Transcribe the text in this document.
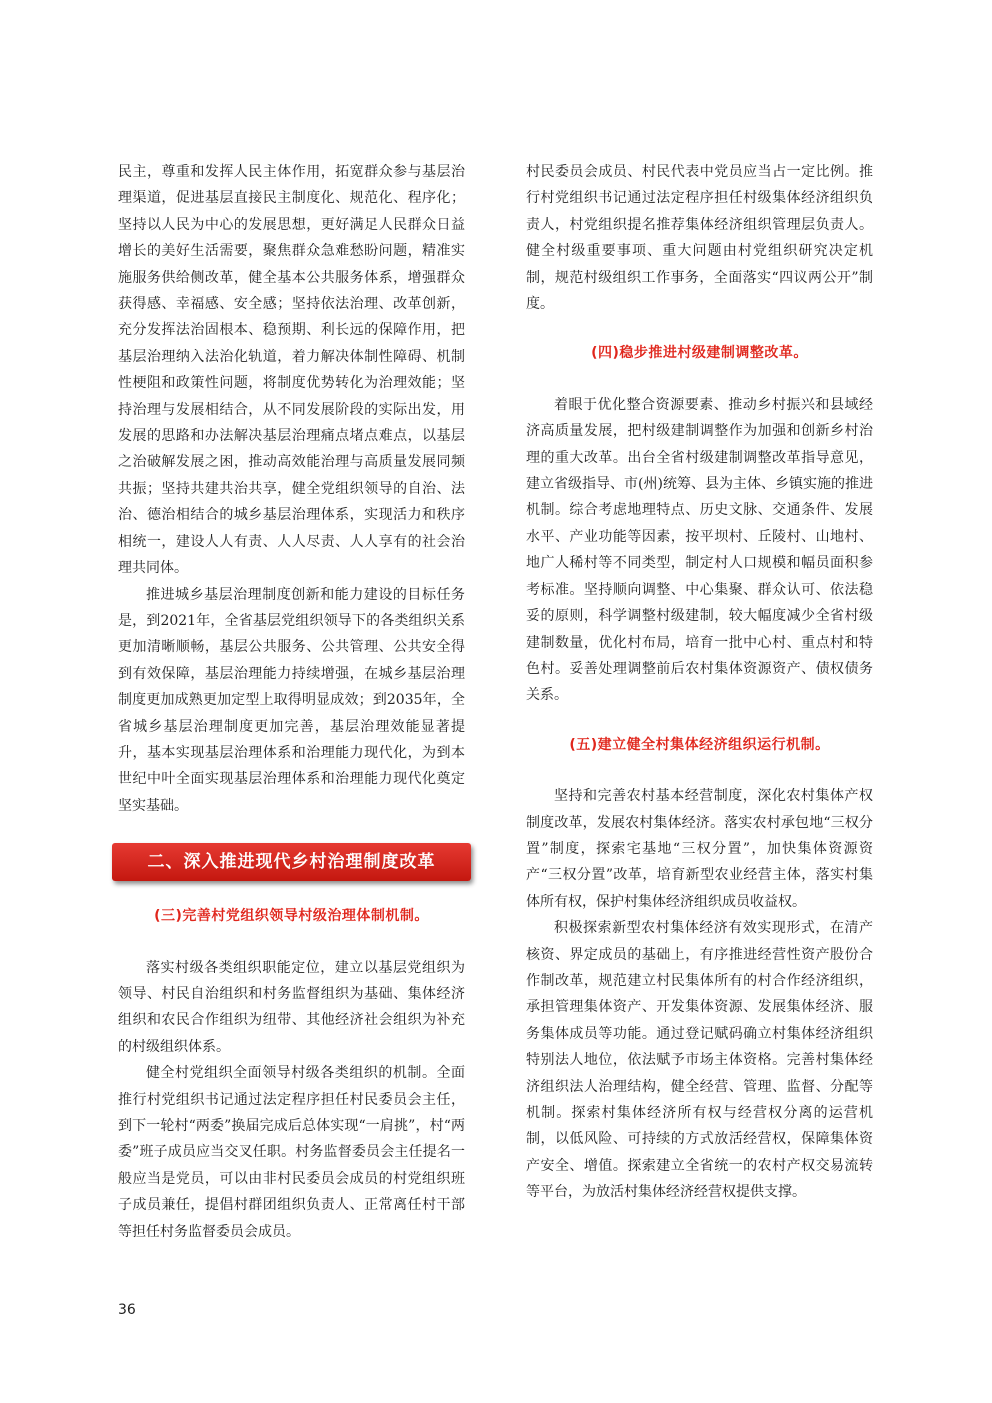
民主，尊重和发挥人民主体作用，拓宽群众参与基层治理渠道，促进基层直接民主制度化、规范化、程序化；坚持以人民为中心的发展思想，更好满足人民群众日益增长的美好生活需要，聚焦群众急难愁盼问题，精准实施服务供给侧改革，健全基本公共服务体系，增强群众获得感、幸福感、安全感；坚持依法治理、改革创新，充分发挥法治固根本、稳预期、利长远的保障作用，把基层治理纳入法治化轨道，着力解决体制性障碍、机制性梗阻和政策性问题，将制度优势转化为治理效能；坚持治理与发展相结合，从不同发展阶段的实际出发，用发展的思路和办法解决基层治理痛点堵点难点，以基层之治破解发展之困，推动高效能治理与高质量发展同频共振；坚持共建共治共享，健全党组织领导的自治、法治、德治相结合的城乡基层治理体系，实现活力和秩序相统一，建设人人有责、人人尽责、人人享有的社会治理共同体。

推进城乡基层治理制度创新和能力建设的目标任务是，到2021年，全省基层党组织领导下的各类组织关系更加清晰顺畅，基层公共服务、公共管理、公共安全得到有效保障，基层治理能力持续增强，在城乡基层治理制度更加成熟更加定型上取得明显成效；到2035年，全省城乡基层治理制度更加完善，基层治理效能显著提升，基本实现基层治理体系和治理能力现代化，为到本世纪中叶全面实现基层治理体系和治理能力现代化奠定坚实基础。

二、深入推进现代乡村治理制度改革

(三)完善村党组织领导村级治理体制机制。

落实村级各类组织职能定位，建立以基层党组织为领导、村民自治组织和村务监督组织为基础、集体经济组织和农民合作组织为纽带、其他经济社会组织为补充的村级组织体系。

健全村党组织全面领导村级各类组织的机制。全面推行村党组织书记通过法定程序担任村民委员会主任，到下一轮村“两委”换届完成后总体实现“一肩挑”，村“两委”班子成员应当交叉任职。村务监督委员会主任提名一般应当是党员，可以由非村民委员会成员的村党组织班子成员兼任，提倡村群团组织负责人、正常离任村干部等担任村务监督委员会成员。

村民委员会成员、村民代表中党员应当占一定比例。推行村党组织书记通过法定程序担任村级集体经济组织负责人，村党组织提名推荐集体经济组织管理层负责人。健全村级重要事项、重大问题由村党组织研究决定机制，规范村级组织工作事务，全面落实“四议两公开”制度。

(四)稳步推进村级建制调整改革。

着眼于优化整合资源要素、推动乡村振兴和县域经济高质量发展，把村级建制调整作为加强和创新乡村治理的重大改革。出台全省村级建制调整改革指导意见，建立省级指导、市(州)统筹、县为主体、乡镇实施的推进机制。综合考虑地理特点、历史文脉、交通条件、发展水平、产业功能等因素，按平坝村、丘陵村、山地村、地广人稀村等不同类型，制定村人口规模和幅员面积参考标准。坚持顺向调整、中心集聚、群众认可、依法稳妥的原则，科学调整村级建制，较大幅度减少全省村级建制数量，优化村布局，培育一批中心村、重点村和特色村。妥善处理调整前后农村集体资源资产、债权债务关系。

(五)建立健全村集体经济组织运行机制。

坚持和完善农村基本经营制度，深化农村集体产权制度改革，发展农村集体经济。落实农村承包地“三权分置”制度，探索宅基地“三权分置”，加快集体资源资产“三权分置”改革，培育新型农业经营主体，落实村集体所有权，保护村集体经济组织成员收益权。

积极探索新型农村集体经济有效实现形式，在清产核资、界定成员的基础上，有序推进经营性资产股份合作制改革，规范建立村民集体所有的村合作经济组织，承担管理集体资产、开发集体资源、发展集体经济、服务集体成员等功能。通过登记赋码确立村集体经济组织特别法人地位，依法赋予市场主体资格。完善村集体经济组织法人治理结构，健全经营、管理、监督、分配等机制。探索村集体经济所有权与经营权分离的运营机制，以低风险、可持续的方式放活经营权，保障集体资产安全、增值。探索建立全省统一的农村产权交易流转等平台，为放活村集体经济经营权提供支撑。

36
